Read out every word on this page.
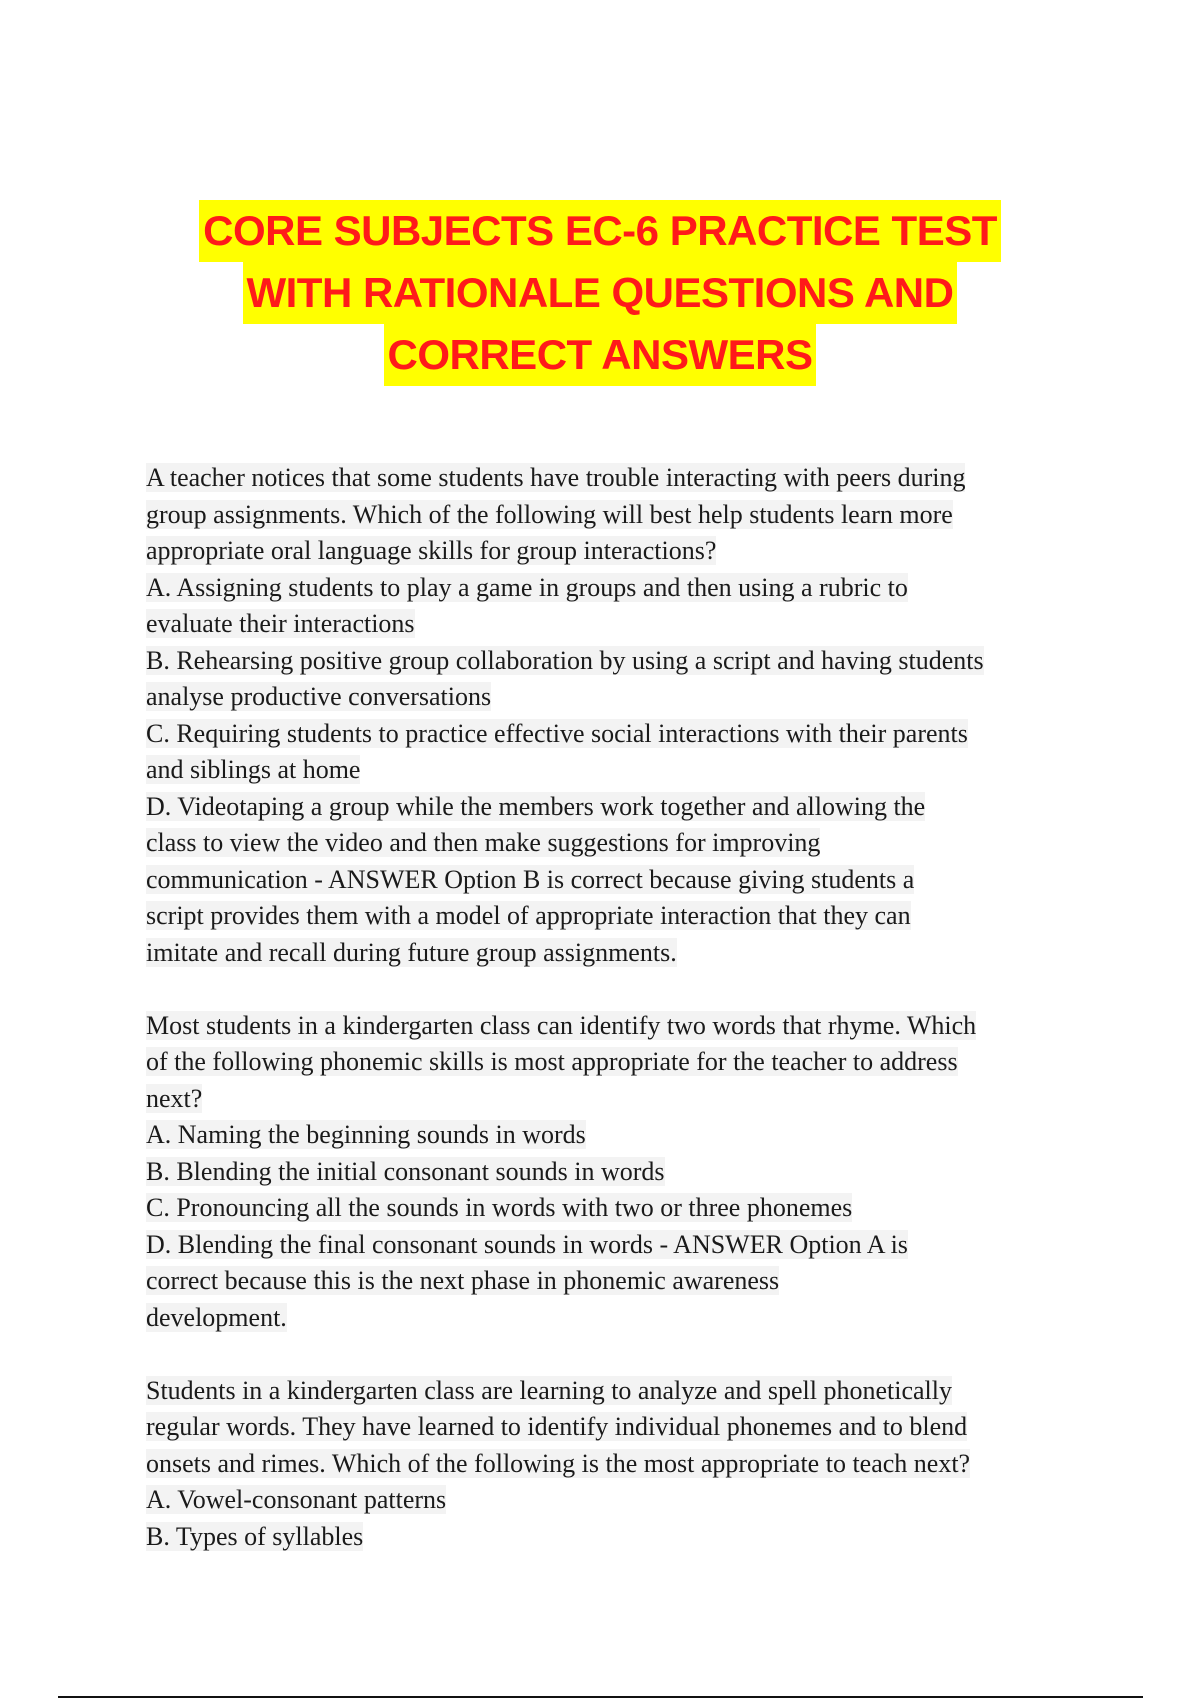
CORE SUBJECTS EC-6 PRACTICE TEST
WITH RATIONALE QUESTIONS AND
CORRECT ANSWERS
A teacher notices that some students have trouble interacting with peers during
group assignments. Which of the following will best help students learn more
appropriate oral language skills for group interactions?
A. Assigning students to play a game in groups and then using a rubric to
evaluate their interactions
B. Rehearsing positive group collaboration by using a script and having students
analyse productive conversations
C. Requiring students to practice effective social interactions with their parents
and siblings at home
D. Videotaping a group while the members work together and allowing the
class to view the video and then make suggestions for improving
communication - ANSWER Option B is correct because giving students a
script provides them with a model of appropriate interaction that they can
imitate and recall during future group assignments.
Most students in a kindergarten class can identify two words that rhyme. Which
of the following phonemic skills is most appropriate for the teacher to address
next?
A. Naming the beginning sounds in words
B. Blending the initial consonant sounds in words
C. Pronouncing all the sounds in words with two or three phonemes
D. Blending the final consonant sounds in words - ANSWER Option A is
correct because this is the next phase in phonemic awareness
development.
Students in a kindergarten class are learning to analyze and spell phonetically
regular words. They have learned to identify individual phonemes and to blend
onsets and rimes. Which of the following is the most appropriate to teach next?
A. Vowel-consonant patterns
B. Types of syllables
